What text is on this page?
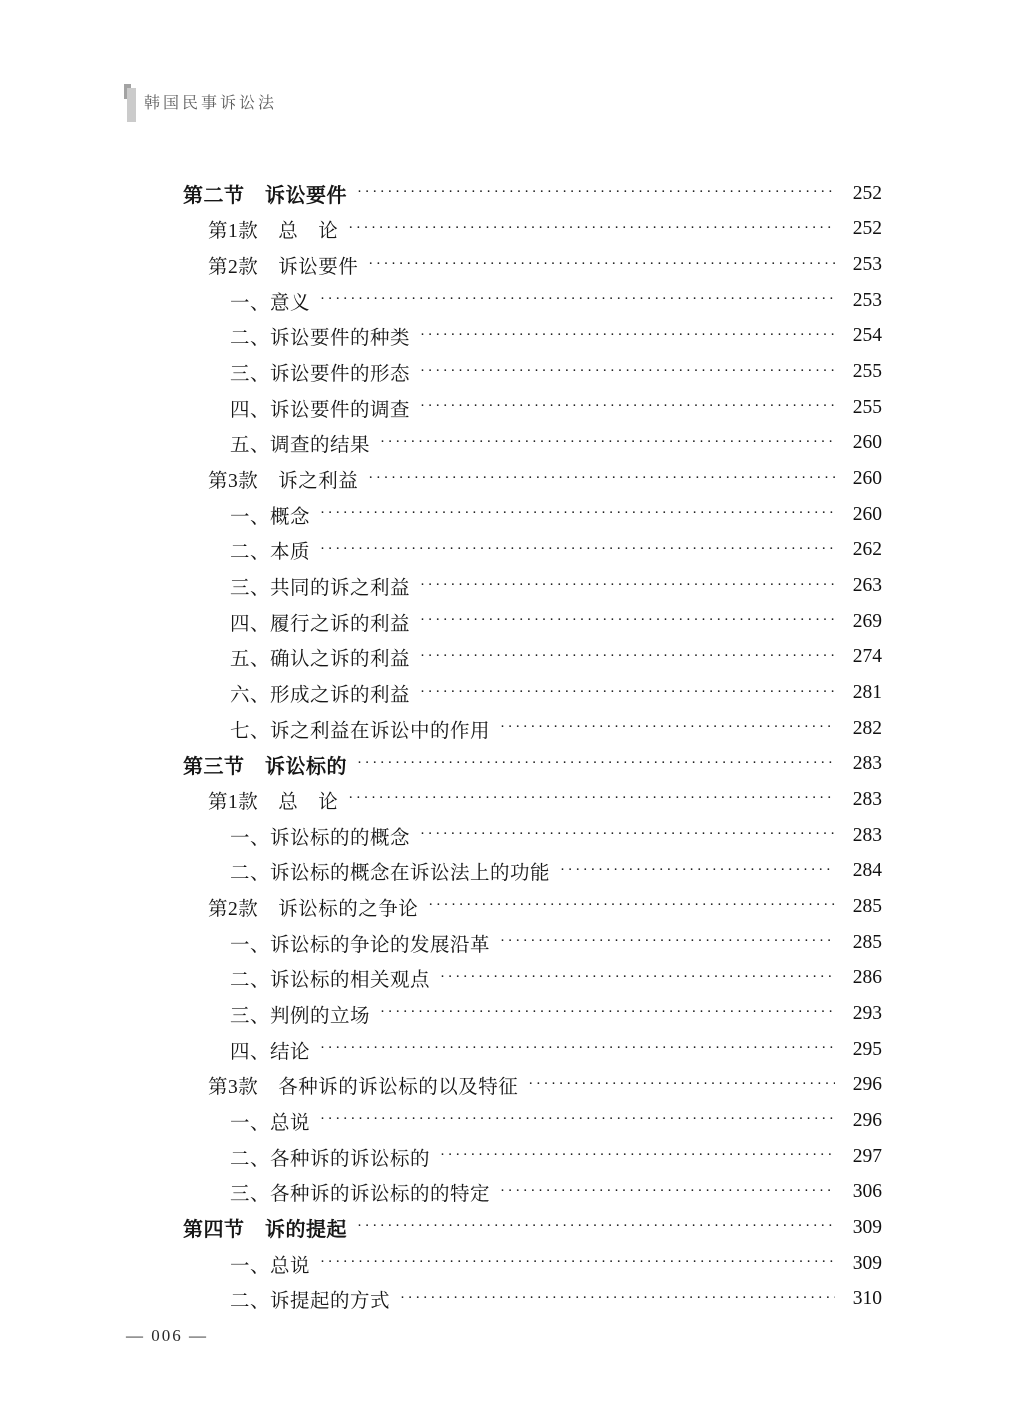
韩国民事诉讼法
第二节　诉讼要件 ·····	252
第1款　总　论 ·····	252
第2款　诉讼要件 ·····	253
一、意义 ·····	253
二、诉讼要件的种类 ·····	254
三、诉讼要件的形态 ·····	255
四、诉讼要件的调查 ·····	255
五、调查的结果 ·····	260
第3款　诉之利益 ·····	260
一、概念 ·····	260
二、本质 ·····	262
三、共同的诉之利益 ·····	263
四、履行之诉的利益 ·····	269
五、确认之诉的利益 ·····	274
六、形成之诉的利益 ·····	281
七、诉之利益在诉讼中的作用 ·····	282
第三节　诉讼标的 ·····	283
第1款　总　论 ·····	283
一、诉讼标的的概念 ·····	283
二、诉讼标的概念在诉讼法上的功能 ·····	284
第2款　诉讼标的之争论 ·····	285
一、诉讼标的争论的发展沿革 ·····	285
二、诉讼标的相关观点 ·····	286
三、判例的立场 ·····	293
四、结论 ·····	295
第3款　各种诉的诉讼标的以及特征 ·····	296
一、总说 ·····	296
二、各种诉的诉讼标的 ·····	297
三、各种诉的诉讼标的的特定 ·····	306
第四节　诉的提起 ·····	309
一、总说 ·····	309
二、诉提起的方式 ·····	310
— 006 —
